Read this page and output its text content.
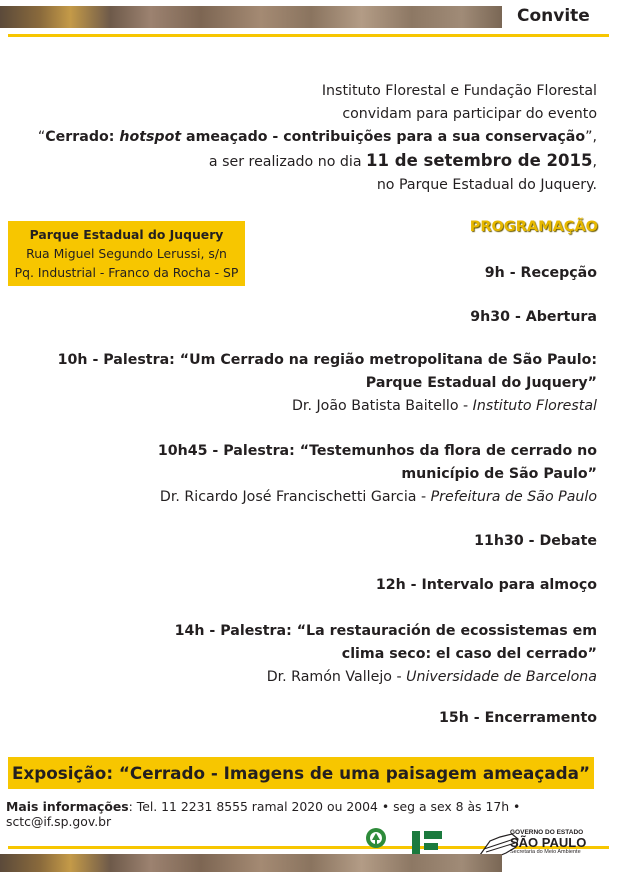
Convite
Instituto Florestal e Fundação Florestal
convidam para participar do evento
“Cerrado: hotspot ameaçado - contribuições para a sua conservação”,
a ser realizado no dia 11 de setembro de 2015,
no Parque Estadual do Juquery.
Parque Estadual do Juquery
Rua Miguel Segundo Lerussi, s/n
Pq. Industrial - Franco da Rocha - SP
PROGRAMAÇÃO
9h - Recepção
9h30 - Abertura
10h - Palestra: “Um Cerrado na região metropolitana de São Paulo:
Parque Estadual do Juquery”
Dr. João Batista Baitello - Instituto Florestal
10h45 - Palestra: “Testemunhos da flora de cerrado no
município de São Paulo”
Dr. Ricardo José Francischetti Garcia - Prefeitura de São Paulo
11h30 - Debate
12h - Intervalo para almoço
14h - Palestra: “La restauración de ecossistemas em
clima seco: el caso del cerrado”
Dr. Ramón Vallejo - Universidade de Barcelona
15h - Encerramento
Exposição: “Cerrado - Imagens de uma paisagem ameaçada”
Mais informações: Tel. 11 2231 8555 ramal 2020 ou 2004 • seg a sex 8 às 17h • sctc@if.sp.gov.br
GOVERNO DO ESTADO
SÃO PAULO
Secretaria do Meio Ambiente
